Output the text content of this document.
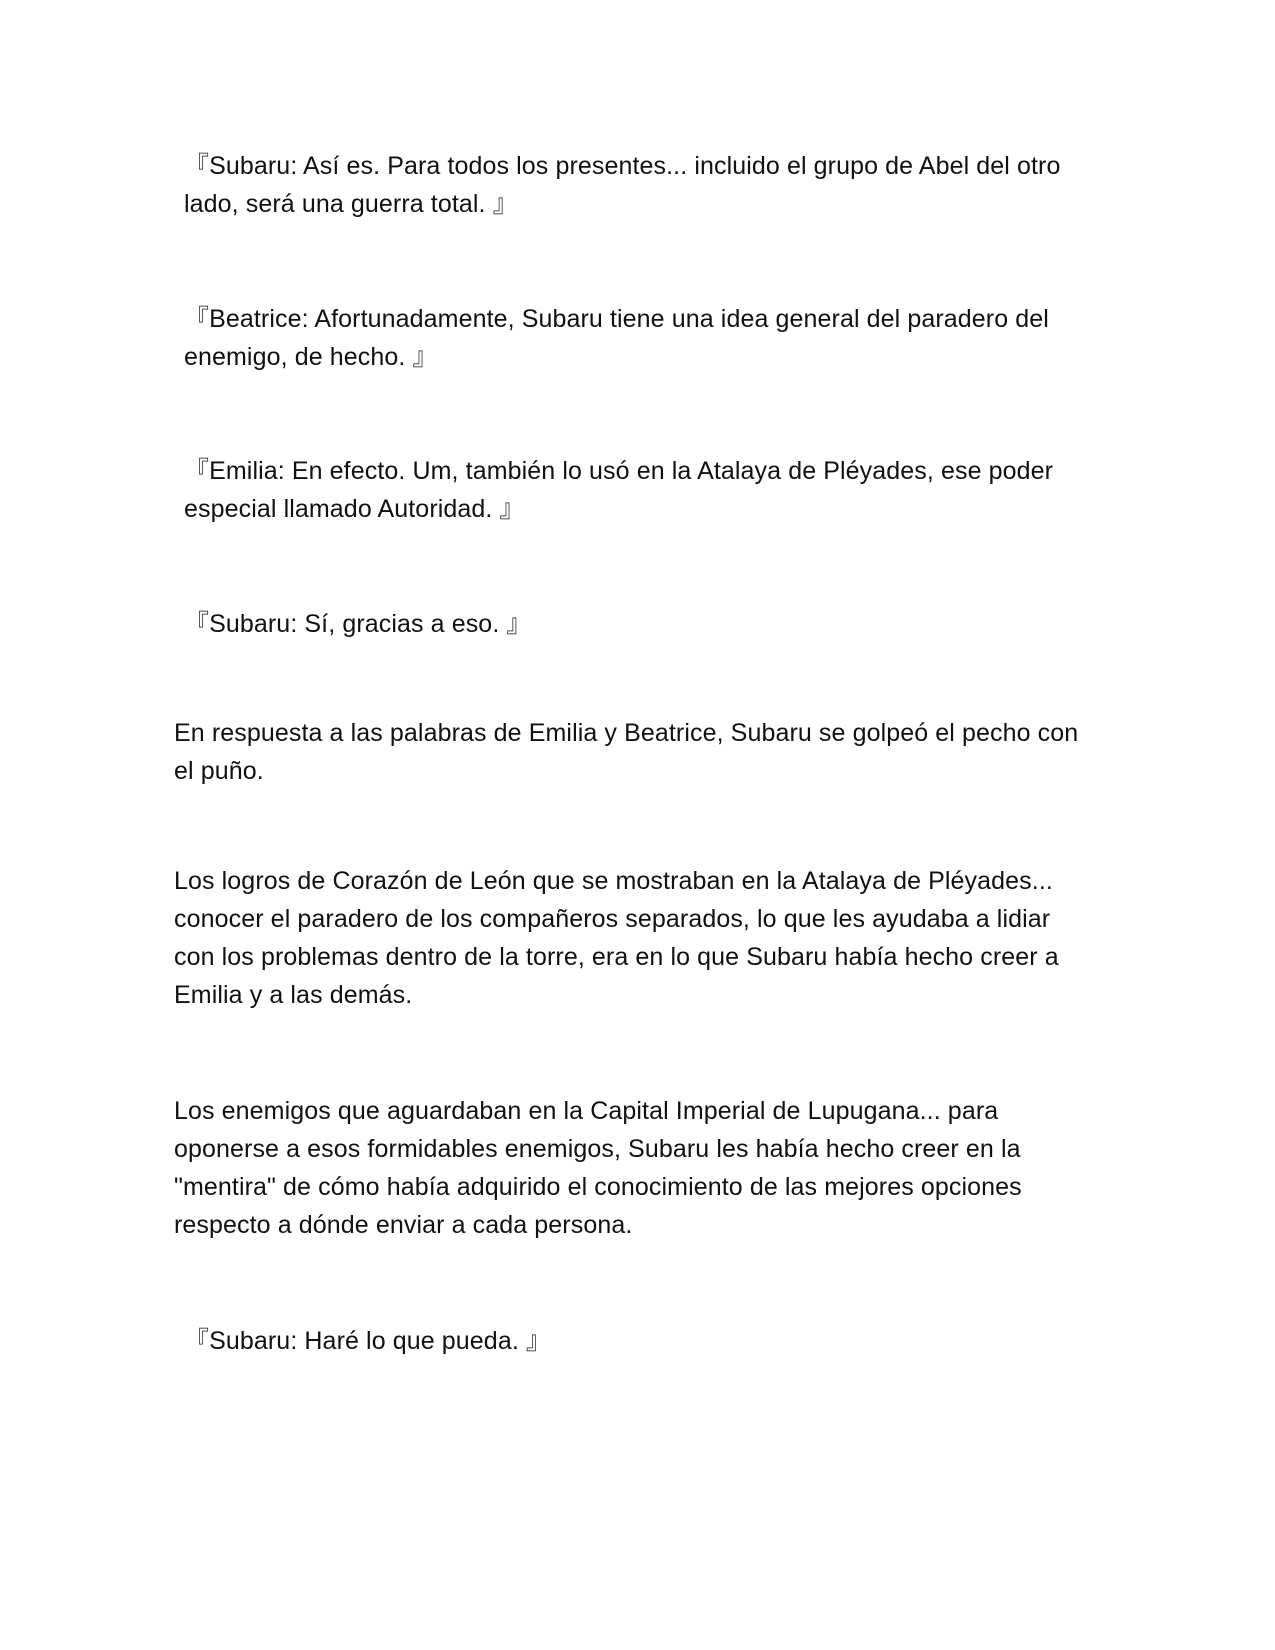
『Subaru: Así es. Para todos los presentes... incluido el grupo de Abel del otro lado, será una guerra total. 』

『Beatrice: Afortunadamente, Subaru tiene una idea general del paradero del enemigo, de hecho. 』

『Emilia: En efecto. Um, también lo usó en la Atalaya de Pléyades, ese poder especial llamado Autoridad. 』

『Subaru: Sí, gracias a eso. 』

En respuesta a las palabras de Emilia y Beatrice, Subaru se golpeó el pecho con el puño.

Los logros de Corazón de León que se mostraban en la Atalaya de Pléyades... conocer el paradero de los compañeros separados, lo que les ayudaba a lidiar con los problemas dentro de la torre, era en lo que Subaru había hecho creer a Emilia y a las demás.

Los enemigos que aguardaban en la Capital Imperial de Lupugana... para oponerse a esos formidables enemigos, Subaru les había hecho creer en la "mentira" de cómo había adquirido el conocimiento de las mejores opciones respecto a dónde enviar a cada persona.

『Subaru: Haré lo que pueda. 』
